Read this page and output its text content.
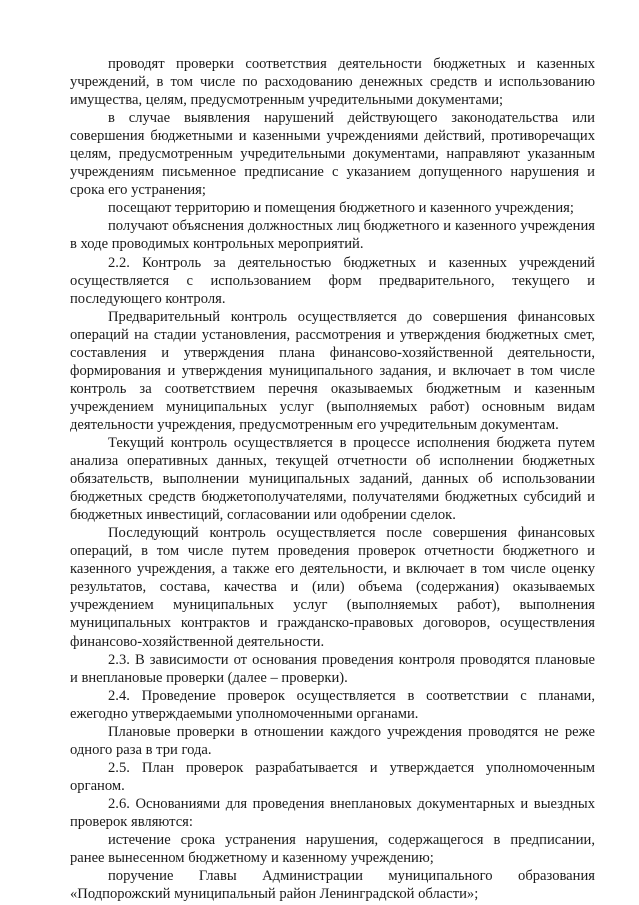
проводят проверки соответствия деятельности бюджетных и казенных учреждений, в том числе по расходованию денежных средств и использованию имущества, целям, предусмотренным учредительными документами;

в случае выявления нарушений действующего законодательства или совершения бюджетными и казенными учреждениями действий, противоречащих целям, предусмотренным учредительными документами, направляют указанным учреждениям письменное предписание с указанием допущенного нарушения и срока его устранения;

посещают территорию и помещения бюджетного и казенного учреждения;

получают объяснения должностных лиц бюджетного и казенного учреждения в ходе проводимых контрольных мероприятий.

2.2. Контроль за деятельностью бюджетных и казенных учреждений осуществляется с использованием форм предварительного, текущего и последующего контроля.

Предварительный контроль осуществляется до совершения финансовых операций на стадии установления, рассмотрения и утверждения бюджетных смет, составления и утверждения плана финансово-хозяйственной деятельности, формирования и утверждения муниципального задания, и включает в том числе контроль за соответствием перечня оказываемых бюджетным и казенным учреждением муниципальных услуг (выполняемых работ) основным видам деятельности учреждения, предусмотренным его учредительным документам.

Текущий контроль осуществляется в процессе исполнения бюджета путем анализа оперативных данных, текущей отчетности об исполнении бюджетных обязательств, выполнении муниципальных заданий, данных об использовании бюджетных средств бюджетополучателями, получателями бюджетных субсидий и бюджетных инвестиций, согласовании или одобрении сделок.

Последующий контроль осуществляется после совершения финансовых операций, в том числе путем проведения проверок отчетности бюджетного и казенного учреждения, а также его деятельности, и включает в том числе оценку результатов, состава, качества и (или) объема (содержания) оказываемых учреждением муниципальных услуг (выполняемых работ), выполнения муниципальных контрактов и гражданско-правовых договоров, осуществления финансово-хозяйственной деятельности.

2.3. В зависимости от основания проведения контроля проводятся плановые и внеплановые проверки (далее – проверки).

2.4. Проведение проверок осуществляется в соответствии с планами, ежегодно утверждаемыми уполномоченными органами.

Плановые проверки в отношении каждого учреждения проводятся не реже одного раза в три года.

2.5. План проверок разрабатывается и утверждается уполномоченным органом.

2.6. Основаниями для проведения внеплановых документарных и выездных проверок являются:

истечение срока устранения нарушения, содержащегося в предписании, ранее вынесенном бюджетному и казенному учреждению;

поручение Главы Администрации муниципального образования «Подпорожский муниципальный район Ленинградской области»;
